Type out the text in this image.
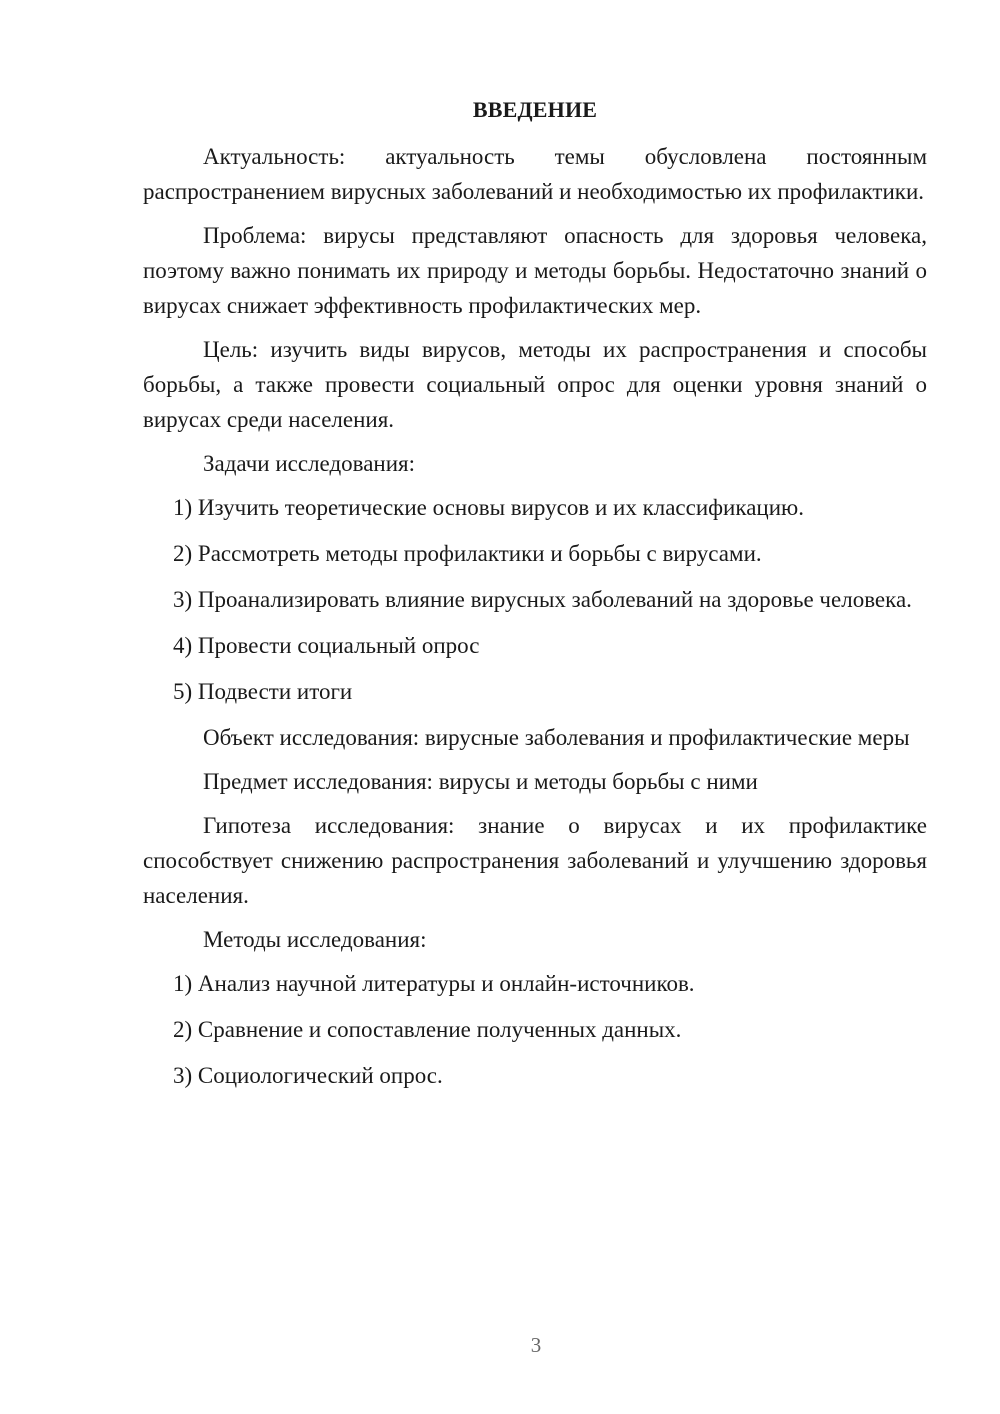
ВВЕДЕНИЕ
Актуальность: актуальность темы обусловлена постоянным распространением вирусных заболеваний и необходимостью их профилактики.
Проблема: вирусы представляют опасность для здоровья человека, поэтому важно понимать их природу и методы борьбы. Недостаточно знаний о вирусах снижает эффективность профилактических мер.
Цель: изучить виды вирусов, методы их распространения и способы борьбы, а также провести социальный опрос для оценки уровня знаний о вирусах среди населения.
Задачи исследования:
1) Изучить теоретические основы вирусов и их классификацию.
2) Рассмотреть методы профилактики и борьбы с вирусами.
3) Проанализировать влияние вирусных заболеваний на здоровье человека.
4) Провести социальный опрос
5) Подвести итоги
Объект исследования: вирусные заболевания и профилактические меры
Предмет исследования: вирусы и методы борьбы с ними
Гипотеза исследования: знание о вирусах и их профилактике способствует снижению распространения заболеваний и улучшению здоровья населения.
Методы исследования:
1) Анализ научной литературы и онлайн-источников.
2) Сравнение и сопоставление полученных данных.
3) Социологический опрос.
3
